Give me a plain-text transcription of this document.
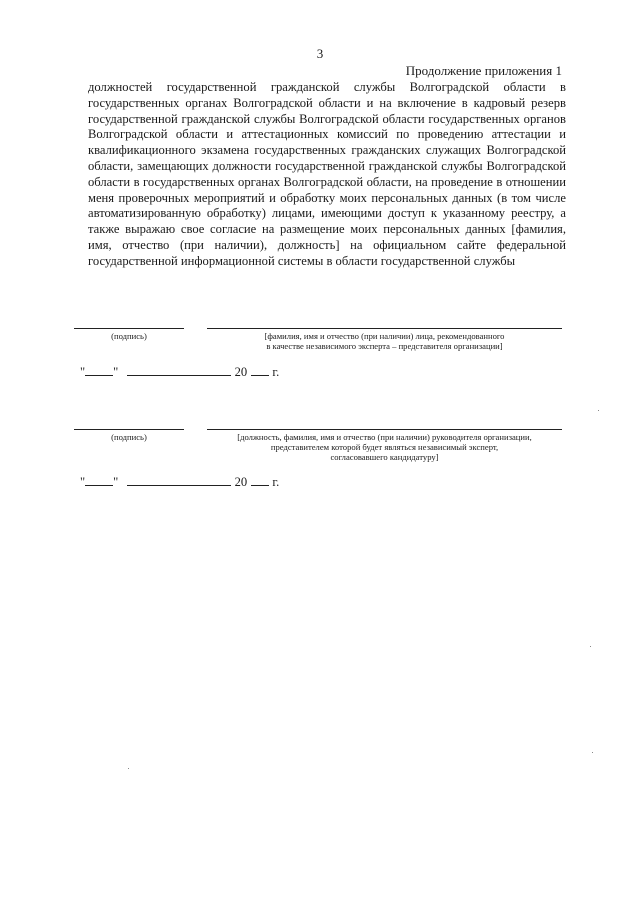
3
Продолжение приложения 1

должностей государственной гражданской службы Волгоградской области в государственных органах Волгоградской области и на включение в кадровый резерв государственной гражданской службы Волгоградской области государственных органов Волгоградской области и аттестационных комиссий по проведению аттестации и квалификационного экзамена государственных гражданских служащих Волгоградской области, замещающих должности государственной гражданской службы Волгоградской области в государственных органах Волгоградской области, на проведение в отношении меня проверочных мероприятий и обработку моих персональных данных (в том числе автоматизированную обработку) лицами, имеющими доступ к указанному реестру, а также выражаю свое согласие на размещение моих персональных данных [фамилия, имя, отчество (при наличии), должность] на официальном сайте федеральной государственной информационной системы в области государственной службы

(подпись)	[фамилия, имя и отчество (при наличии) лица, рекомендованного
в качестве независимого эксперта – представителя организации]
" "	20 г.
(подпись)	[должность, фамилия, имя и отчество (при наличии) руководителя организации,
представителем которой будет являться независимый эксперт,
согласовавшего кандидатуру]
" "	20 г.
